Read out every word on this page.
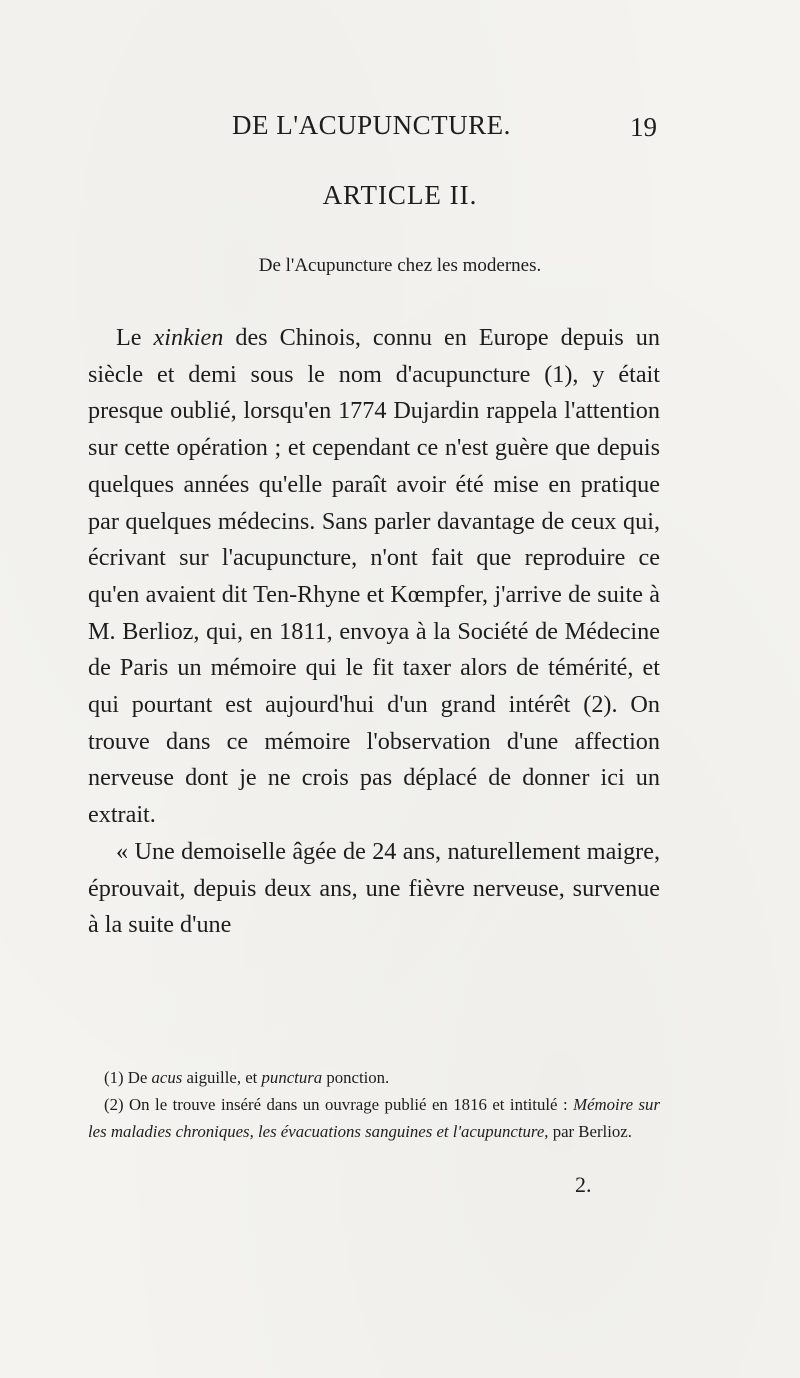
DE L'ACUPUNCTURE.	19
ARTICLE II.
De l'Acupuncture chez les modernes.

Le xinkien des Chinois, connu en Europe depuis un siècle et demi sous le nom d'acupuncture (1), y était presque oublié, lorsqu'en 1774 Dujardin rappela l'attention sur cette opération ; et cependant ce n'est guère que depuis quelques années qu'elle paraît avoir été mise en pratique par quelques médecins. Sans parler davantage de ceux qui, écrivant sur l'acupuncture, n'ont fait que reproduire ce qu'en avaient dit Ten-Rhyne et Kœmpfer, j'arrive de suite à M. Berlioz, qui, en 1811, envoya à la Société de Médecine de Paris un mémoire qui le fit taxer alors de témérité, et qui pourtant est aujourd'hui d'un grand intérêt (2). On trouve dans ce mémoire l'observation d'une affection nerveuse dont je ne crois pas déplacé de donner ici un extrait.

« Une demoiselle âgée de 24 ans, naturellement maigre, éprouvait, depuis deux ans, une fièvre nerveuse, survenue à la suite d'une

(1) De acus aiguille, et punctura ponction.

(2) On le trouve inséré dans un ouvrage publié en 1816 et intitulé : Mémoire sur les maladies chroniques, les évacuations sanguines et l'acupuncture, par Berlioz.

2.
